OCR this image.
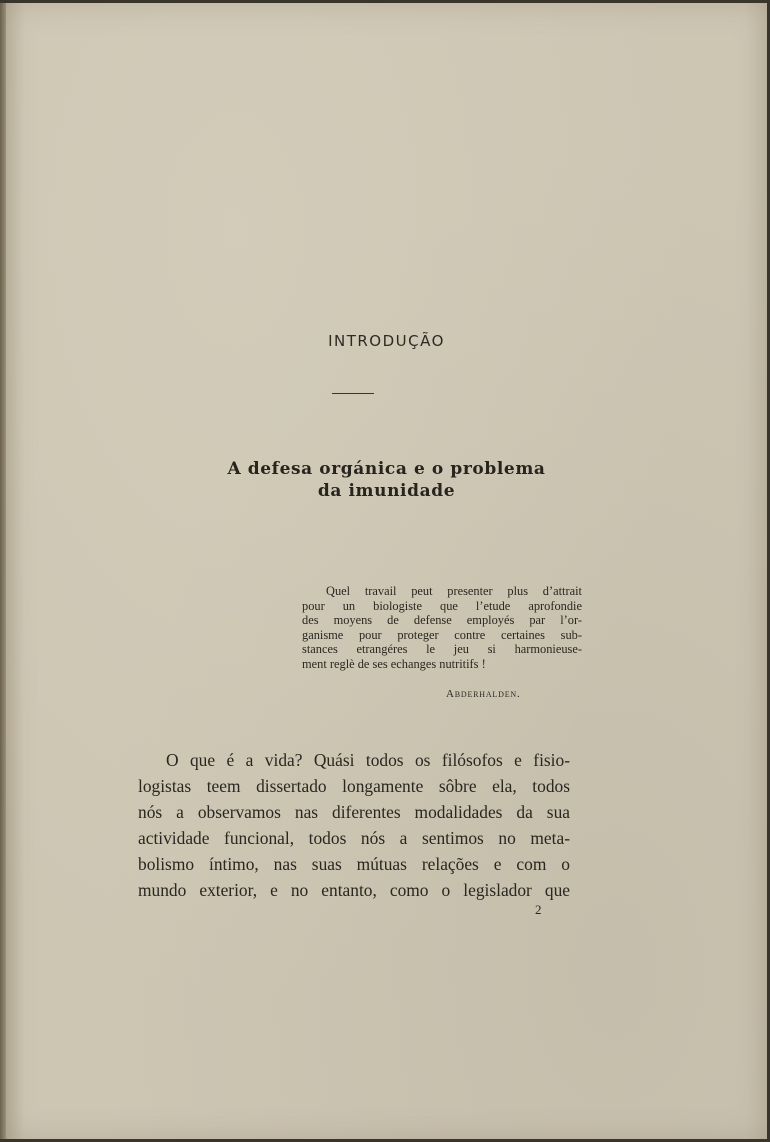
INTRODUÇÃO
A defesa orgánica e o problema
da imunidade
Quel travail peut presenter plus d’attrait
pour un biologiste que l’etude aprofondie
des moyens de defense employés par l’or-
ganisme pour proteger contre certaines sub-
stances etrangéres le jeu si harmonieuse-
ment reglè de ses echanges nutritifs !
Abderhalden.
O que é a vida? Quási todos os filósofos e fisio-
logistas teem dissertado longamente sôbre ela, todos
nós a observamos nas diferentes modalidades da sua
actividade funcional, todos nós a sentimos no meta-
bolismo íntimo, nas suas mútuas relações e com o
mundo exterior, e no entanto, como o legislador que
2
